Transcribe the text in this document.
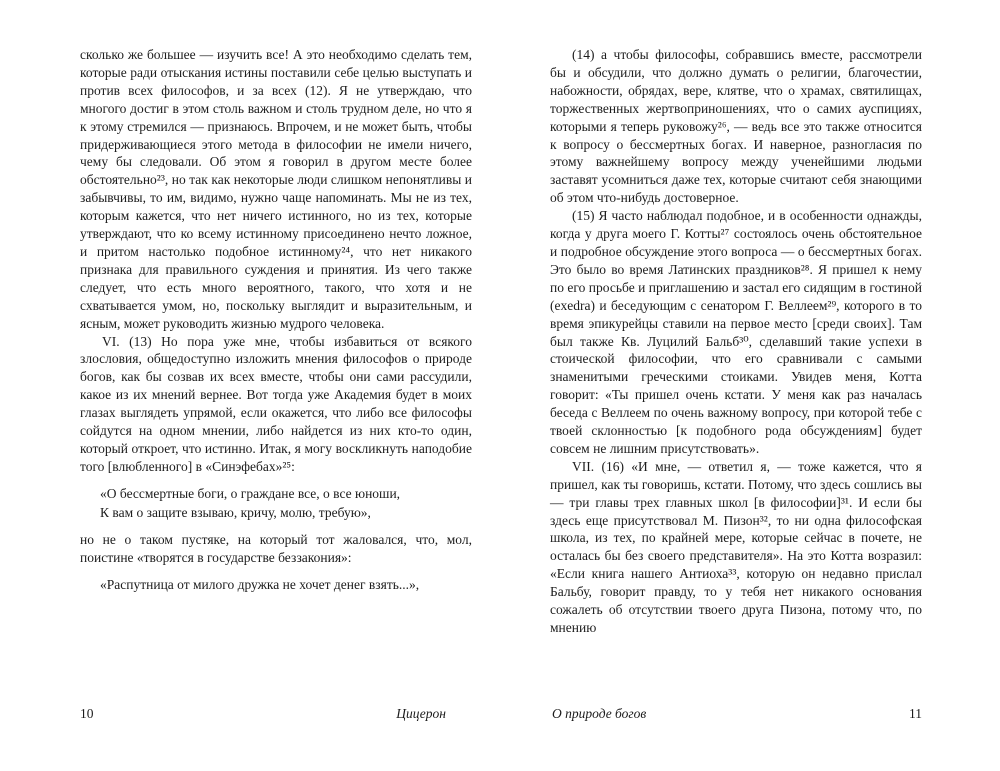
сколько же большее — изучить все! А это необходимо сделать тем, которые ради отыскания истины поставили себе целью выступать и против всех философов, и за всех (12). Я не утверждаю, что многого достиг в этом столь важном и столь трудном деле, но что я к этому стремился — признаюсь. Впрочем, и не может быть, чтобы придерживающиеся этого метода в философии не имели ничего, чему бы следовали. Об этом я говорил в другом месте более обстоятельно²³, но так как некоторые люди слишком непонятливы и забывчивы, то им, видимо, нужно чаще напоминать. Мы не из тех, которым кажется, что нет ничего истинного, но из тех, которые утверждают, что ко всему истинному присоединено нечто ложное, и притом настолько подобное истинному²⁴, что нет никакого признака для правильного суждения и принятия. Из чего также следует, что есть много вероятного, такого, что хотя и не схватывается умом, но, поскольку выглядит и выразительным, и ясным, может руководить жизнью мудрого человека.

VI. (13) Но пора уже мне, чтобы избавиться от всякого злословия, общедоступно изложить мнения философов о природе богов, как бы созвав их всех вместе, чтобы они сами рассудили, какое из их мнений вернее. Вот тогда уже Академия будет в моих глазах выглядеть упрямой, если окажется, что либо все философы сойдутся на одном мнении, либо найдется из них кто-то один, который откроет, что истинно. Итак, я могу воскликнуть наподобие того [влюбленного] в «Синэфебах»²⁵:

«О бессмертные боги, о граждане все, о все юноши,
К вам о защите взываю, кричу, молю, требую»,

но не о таком пустяке, на который тот жаловался, что, мол, поистине «творятся в государстве беззакония»:

«Распутница от милого дружка не хочет денег взять...»,

(14) а чтобы философы, собравшись вместе, рассмотрели бы и обсудили, что должно думать о религии, благочестии, набожности, обрядах, вере, клятве, что о храмах, святилищах, торжественных жертвоприношениях, что о самих ауспициях, которыми я теперь руковожу²⁶, — ведь все это также относится к вопросу о бессмертных богах. И наверное, разногласия по этому важнейшему вопросу между ученейшими людьми заставят усомниться даже тех, которые считают себя знающими об этом что-нибудь достоверное.

(15) Я часто наблюдал подобное, и в особенности однажды, когда у друга моего Г. Котты²⁷ состоялось очень обстоятельное и подробное обсуждение этого вопроса — о бессмертных богах. Это было во время Латинских праздников²⁸. Я пришел к нему по его просьбе и приглашению и застал его сидящим в гостиной (exedra) и беседующим с сенатором Г. Веллеем²⁹, которого в то время эпикурейцы ставили на первое место [среди своих]. Там был также Кв. Луцилий Бальб³⁰, сделавший такие успехи в стоической философии, что его сравнивали с самыми знаменитыми греческими стоиками. Увидев меня, Котта говорит: «Ты пришел очень кстати. У меня как раз началась беседа с Веллеем по очень важному вопросу, при которой тебе с твоей склонностью [к подобного рода обсуждениям] будет совсем не лишним присутствовать».

VII. (16) «И мне, — ответил я, — тоже кажется, что я пришел, как ты говоришь, кстати. Потому, что здесь сошлись вы — три главы трех главных школ [в философии]³¹. И если бы здесь еще присутствовал М. Пизон³², то ни одна философская школа, из тех, по крайней мере, которые сейчас в почете, не осталась бы без своего представителя». На это Котта возразил: «Если книга нашего Антиоха³³, которую он недавно прислал Бальбу, говорит правду, то у тебя нет никакого основания сожалеть об отсутствии твоего друга Пизона, потому что, по мнению

10	Цицерон	О природе богов	11
